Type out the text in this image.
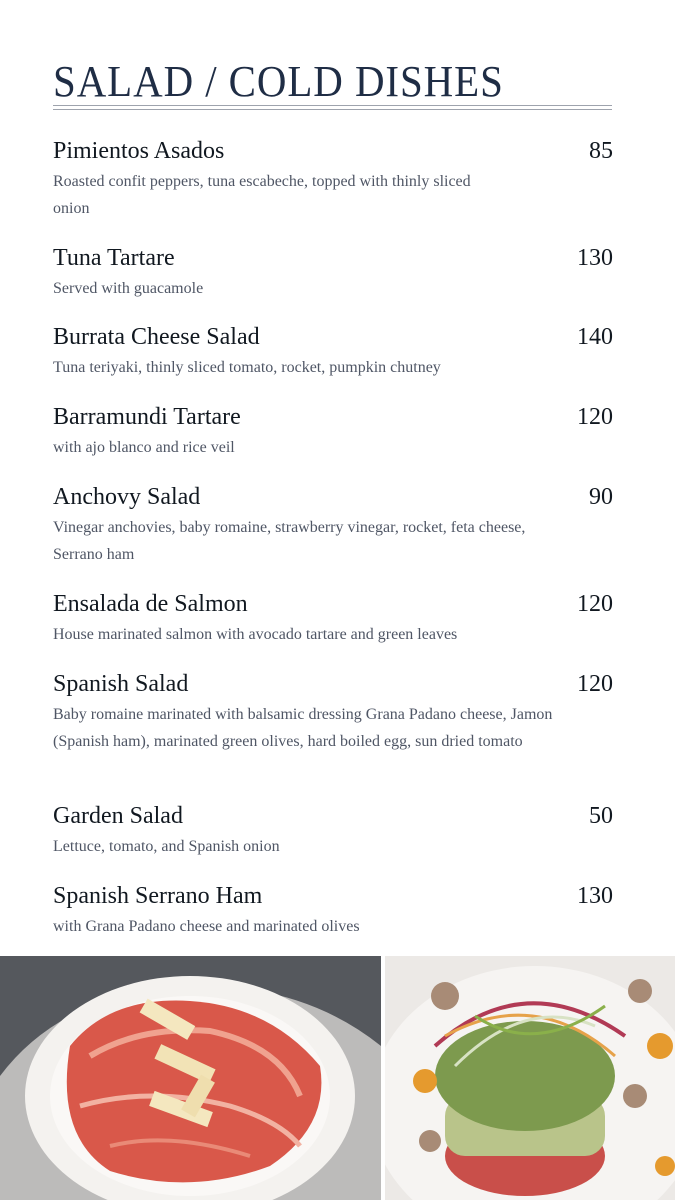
SALAD / COLD DISHES
Pimientos Asados	85
Roasted confit peppers, tuna escabeche, topped with thinly sliced onion
Tuna Tartare	130
Served with guacamole
Burrata Cheese Salad	140
Tuna teriyaki, thinly sliced tomato, rocket, pumpkin chutney
Barramundi Tartare	120
with ajo blanco and rice veil
Anchovy Salad	90
Vinegar anchovies, baby romaine, strawberry vinegar, rocket, feta cheese, Serrano ham
Ensalada de Salmon	120
House marinated salmon with avocado tartare and green leaves
Spanish Salad	120
Baby romaine marinated with balsamic dressing Grana Padano cheese, Jamon (Spanish ham), marinated green olives, hard boiled egg, sun dried tomato
Garden Salad	50
Lettuce, tomato, and Spanish onion
Spanish Serrano Ham	130
with Grana Padano cheese and marinated olives
